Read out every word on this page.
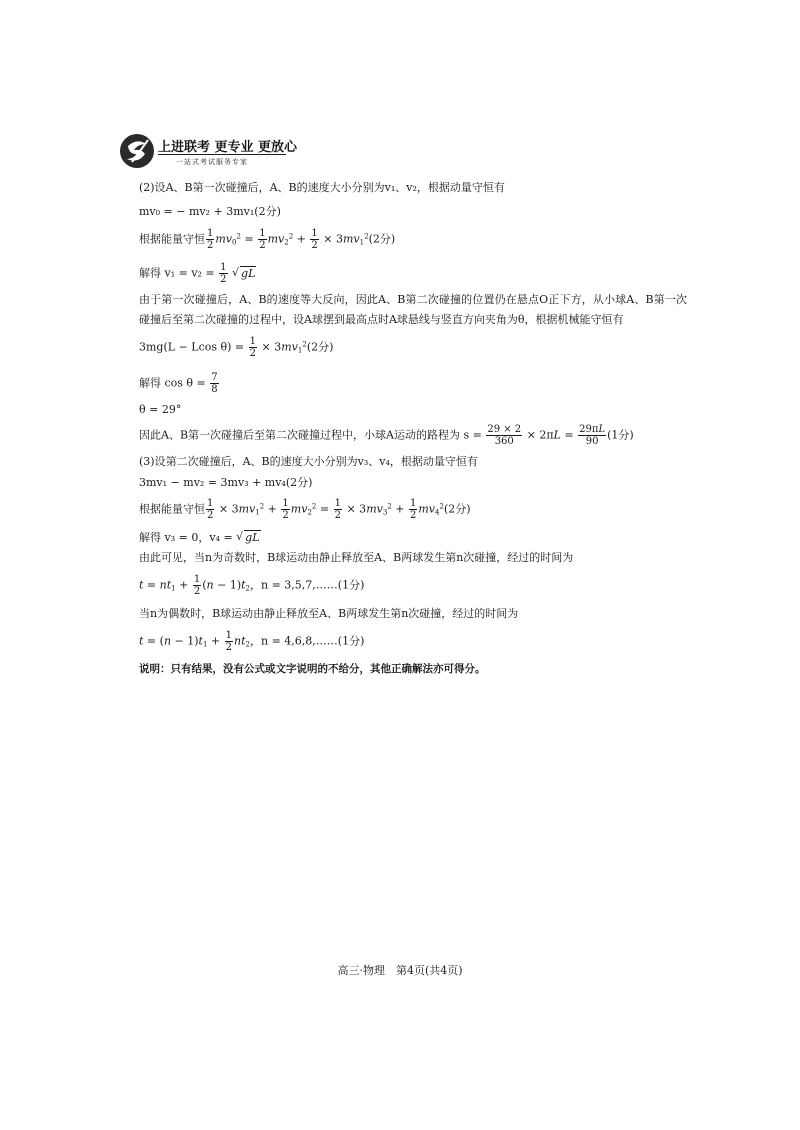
上进联考 更专业 更放心
一站式考试服务专家
(2)设A、B第一次碰撞后，A、B的速度大小分别为v₁、v₂，根据动量守恒有
mv₀ = − mv₂ + 3mv₁(2分)
根据能量守恒 $\frac{1}{2} mv_0^2 = \frac{1}{2} mv_2^2 + \frac{1}{2} \times 3mv_1^2(2$分)
解得 $v_1 = v_2 = \frac{1}{2}$ √ gL
由于第一次碰撞后，A、B的速度等大反向，因此A、B第二次碰撞的位置仍在悬点O正下方，从小球A、B第一次碰撞后至第二次碰撞的过程中，设A球摆到最高点时A球悬线与竖直方向夹角为θ，根据机械能守恒有
3mg(L − Lcos $\theta) = \frac{1}{2} \times 3mv_1^2(2$分)
解得 $\cos \theta = \frac{7}{8}$
θ = 29°
因此A、B第一次碰撞后至第二次碰撞过程中，小球A运动的路程为 $s = \frac{29 \times 2}{360} \times 2\pi L = \frac{29\pi L}{90} (1$分)
(3)设第二次碰撞后，A、B的速度大小分别为v₃、v₄，根据动量守恒有
3mv₁ − mv₂ = 3mv₃ + mv₄(2分)
根据能量守恒 $\frac{1}{2} \times 3mv_1^2 + \frac{1}{2} mv_2^2 = \frac{1}{2} \times 3mv_3^2 + \frac{1}{2} mv_4^2(2$分)
解得 v₃ = 0，v₄ = √ gL
由此可见，当n为奇数时，B球运动由静止释放至A、B两球发生第n次碰撞，经过的时间为
$t = nt_1 + \frac{1}{2} (n - 1)t_2$，n = 3,5,7,……(1分)
当n为偶数时，B球运动由静止释放至A、B两球发生第n次碰撞，经过的时间为
$t = (n - 1)t_1 + \frac{1}{2} nt_2$，n = 4,6,8,……(1分)
说明：只有结果，没有公式或文字说明的不给分，其他正确解法亦可得分。
高三·物理　第4页(共4页)
